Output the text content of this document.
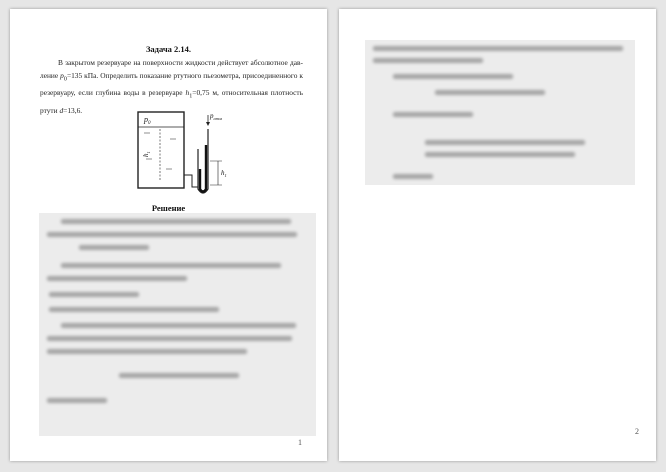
Задача 2.14.

В закрытом резервуаре на поверхности жидкости действует абсолютное дав-ление $p_0=135$ кПа. Определить показание ртутного пьезометра, присоединенного к резервуару, если глубина воды в резервуаре $h_1=0,75$ м, относительная плотность ртути d=13,6.

$p_0$
$p_{атм}$
$h_1$
$h_1$
Решение
1
2
